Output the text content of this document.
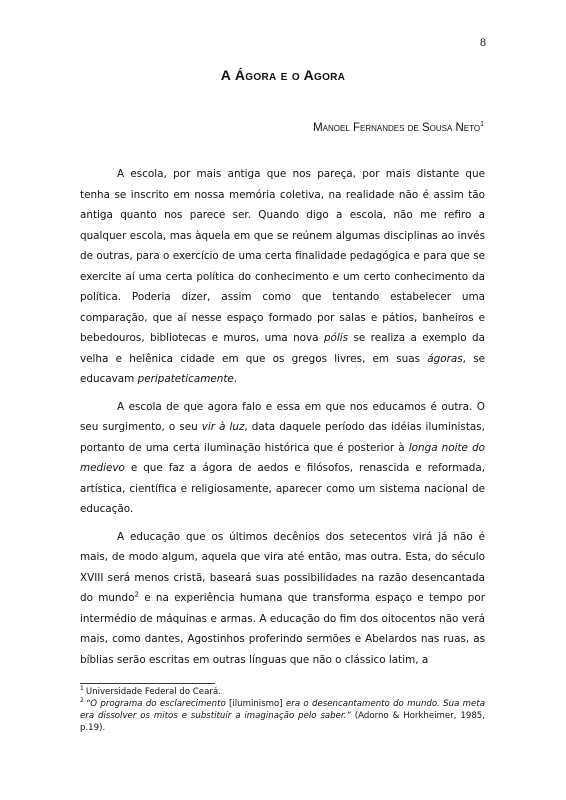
8
A Ágora e o Agora
Manoel Fernandes de Sousa Neto$^1$

A escola, por mais antiga que nos pareça, por mais distante que tenha se inscrito em nossa memória coletiva, na realidade não é assim tão antiga quanto nos parece ser. Quando digo a escola, não me refiro a qualquer escola, mas àquela em que se reúnem algumas disciplinas ao invés de outras, para o exercício de uma certa finalidade pedagógica e para que se exercite aí uma certa política do conhecimento e um certo conhecimento da política. Poderia dizer, assim como que tentando estabelecer uma comparação, que aí nesse espaço formado por salas e pátios, banheiros e bebedouros, bibliotecas e muros, uma nova pólis se realiza a exemplo da velha e helênica cidade em que os gregos livres, em suas ágoras, se educavam peripateticamente.

A escola de que agora falo e essa em que nos educamos é outra. O seu surgimento, o seu vir à luz, data daquele período das idéias iluministas, portanto de uma certa iluminação histórica que é posterior à longa noite do medievo e que faz a ágora de aedos e filósofos, renascida e reformada, artística, científica e religiosamente, aparecer como um sistema nacional de educação.

A educação que os últimos decênios dos setecentos virá já não é mais, de modo algum, aquela que vira até então, mas outra. Esta, do século XVIII será menos cristã, baseará suas possibilidades na razão desencantada do mundo$^2$ e na experiência humana que transforma espaço e tempo por intermédio de máquinas e armas. A educação do fim dos oitocentos não verá mais, como dantes, Agostinhos proferindo sermões e Abelardos nas ruas, as bíblias serão escritas em outras línguas que não o clássico latim, a

$^1$ Universidade Federal do Ceará.

$^2$ “O programa do esclarecimento [iluminismo] era o desencantamento do mundo. Sua meta era dissolver os mitos e substituir a imaginação pelo saber.” (Adorno & Horkheimer, 1985, p.19).
